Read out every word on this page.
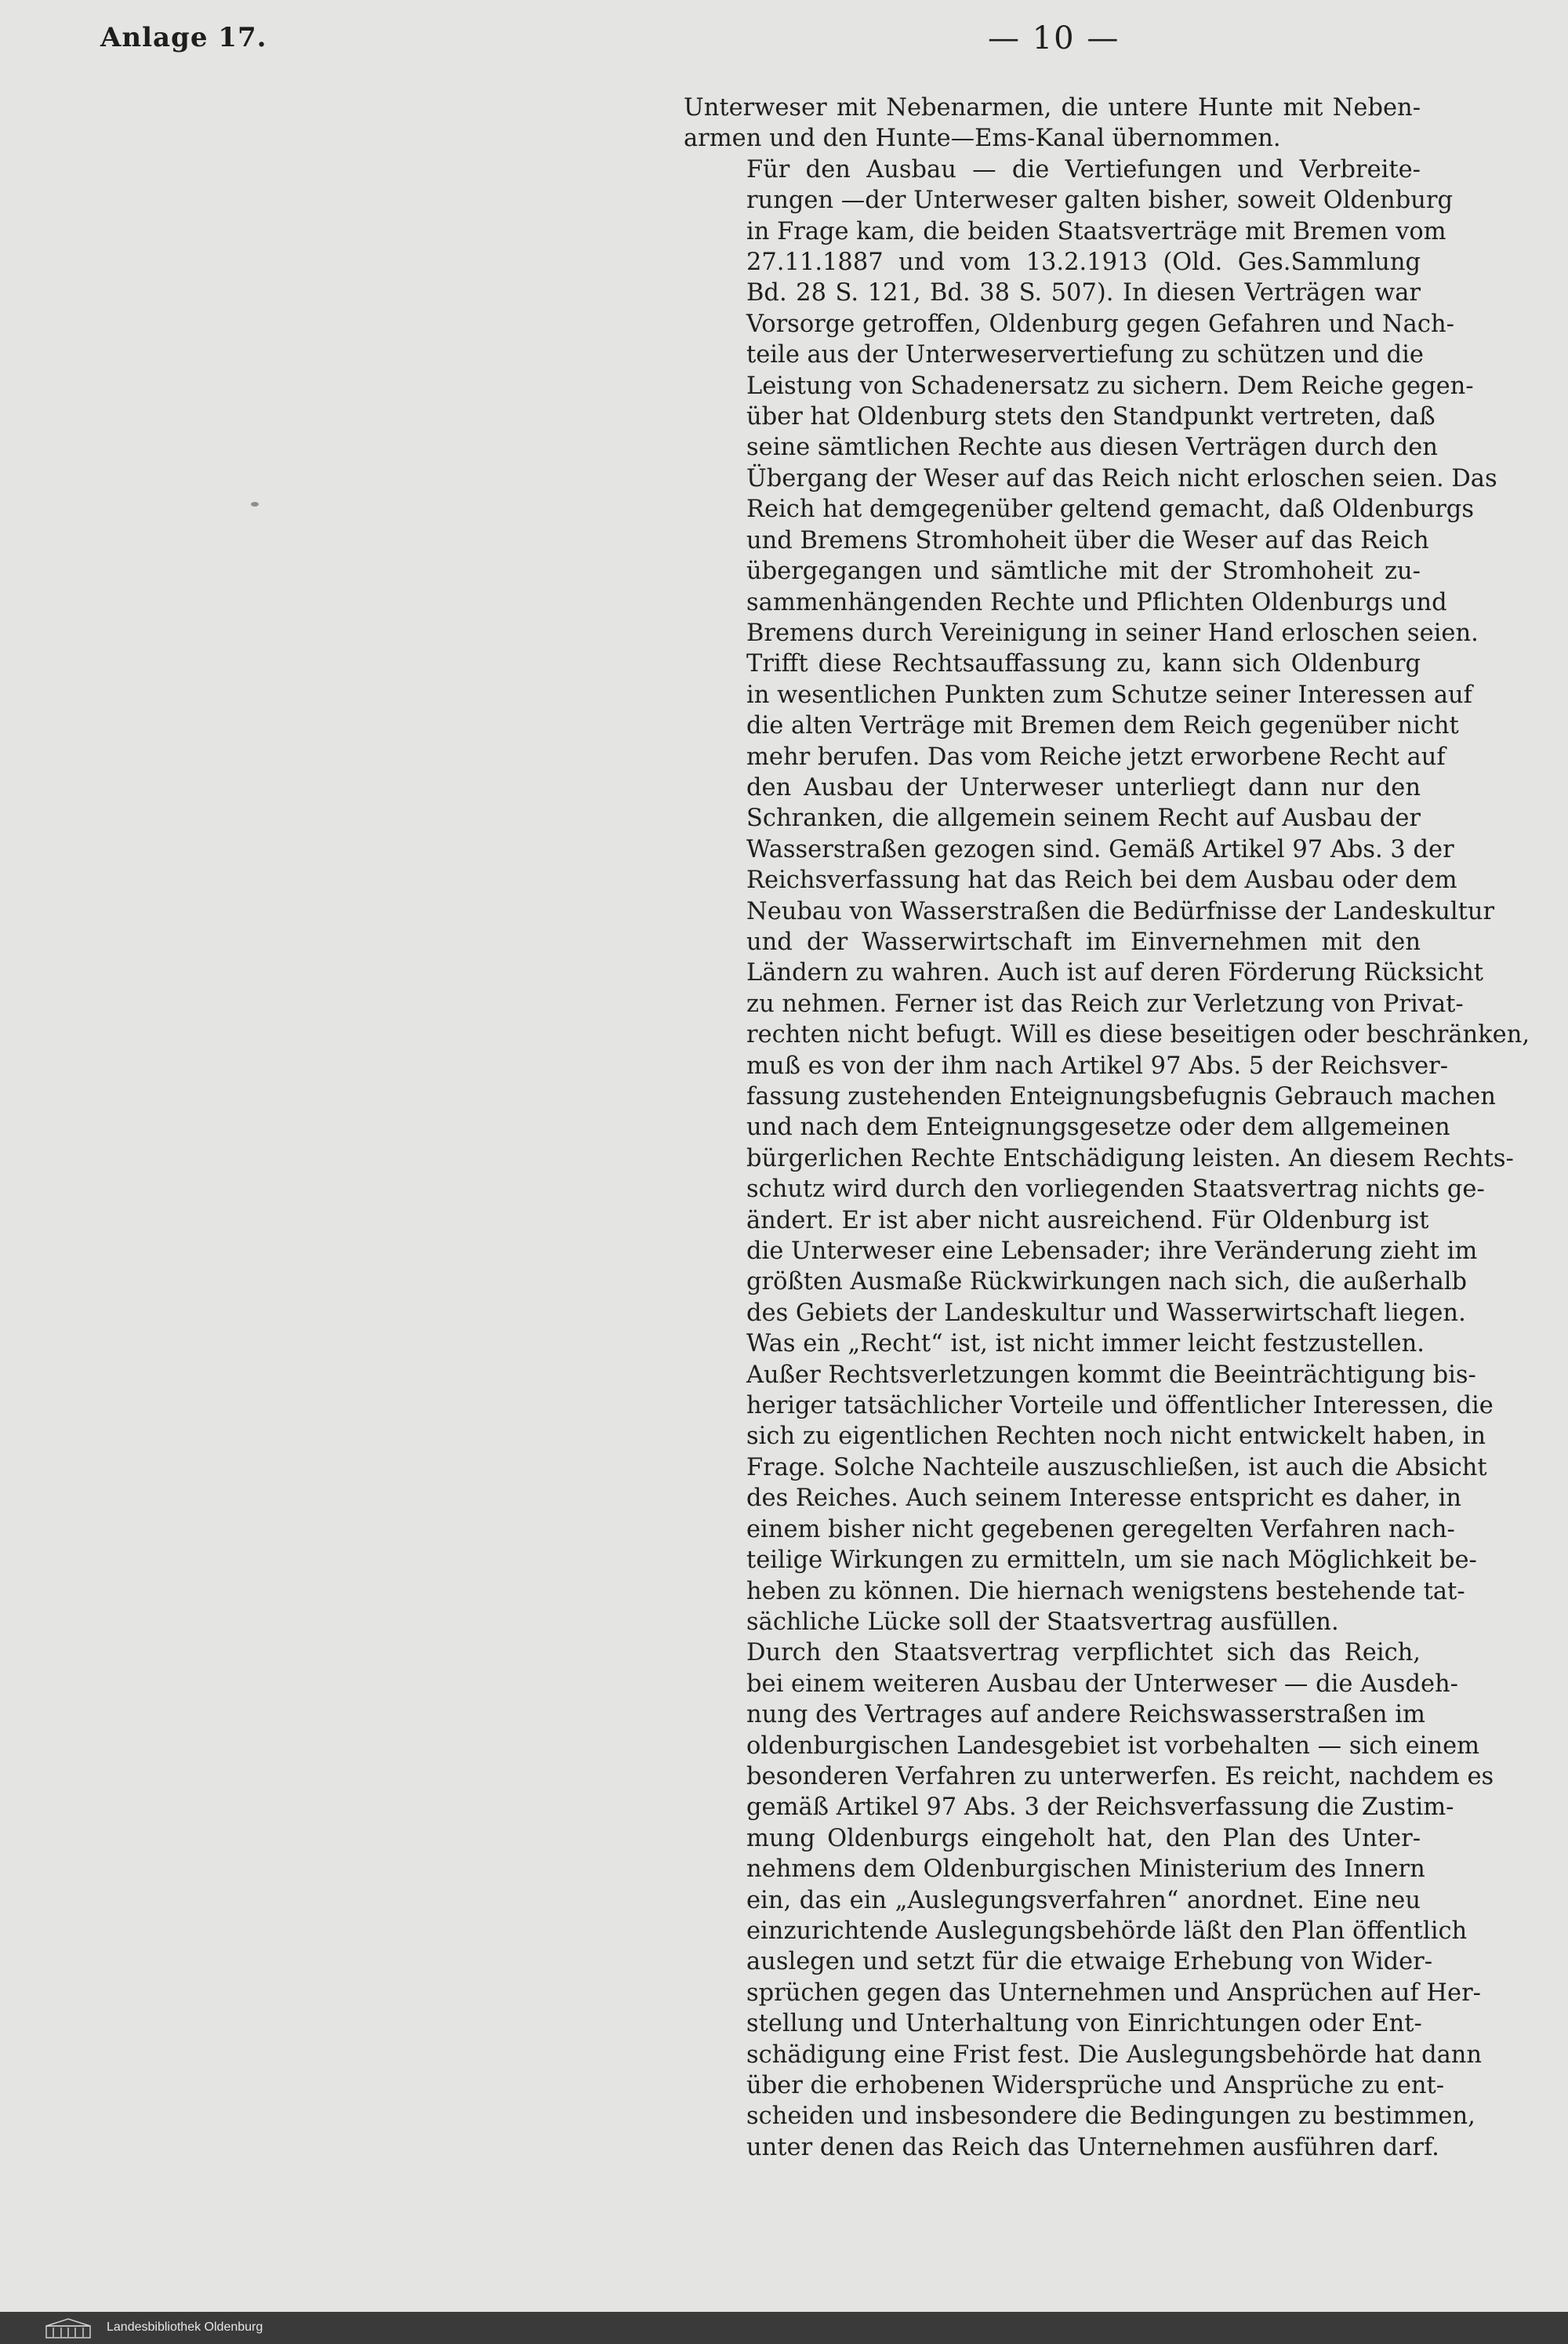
Anlage 17.	— 10 —
Unterweser mit Nebenarmen, die untere Hunte mit Neben-
armen und den Hunte—Ems-Kanal übernommen.
Für den Ausbau — die Vertiefungen und Verbreite-
rungen —der Unterweser galten bisher, soweit Oldenburg
in Frage kam, die beiden Staatsverträge mit Bremen vom
27.11.1887 und vom 13.2.1913 (Old. Ges.Sammlung
Bd. 28 S. 121, Bd. 38 S. 507). In diesen Verträgen war
Vorsorge getroffen, Oldenburg gegen Gefahren und Nach-
teile aus der Unterweservertiefung zu schützen und die
Leistung von Schadenersatz zu sichern. Dem Reiche gegen-
über hat Oldenburg stets den Standpunkt vertreten, daß
seine sämtlichen Rechte aus diesen Verträgen durch den
Übergang der Weser auf das Reich nicht erloschen seien. Das
Reich hat demgegenüber geltend gemacht, daß Oldenburgs
und Bremens Stromhoheit über die Weser auf das Reich
übergegangen und sämtliche mit der Stromhoheit zu-
sammenhängenden Rechte und Pflichten Oldenburgs und
Bremens durch Vereinigung in seiner Hand erloschen seien.
Trifft diese Rechtsauffassung zu, kann sich Oldenburg
in wesentlichen Punkten zum Schutze seiner Interessen auf
die alten Verträge mit Bremen dem Reich gegenüber nicht
mehr berufen. Das vom Reiche jetzt erworbene Recht auf
den Ausbau der Unterweser unterliegt dann nur den
Schranken, die allgemein seinem Recht auf Ausbau der
Wasserstraßen gezogen sind. Gemäß Artikel 97 Abs. 3 der
Reichsverfassung hat das Reich bei dem Ausbau oder dem
Neubau von Wasserstraßen die Bedürfnisse der Landeskultur
und der Wasserwirtschaft im Einvernehmen mit den
Ländern zu wahren. Auch ist auf deren Förderung Rücksicht
zu nehmen. Ferner ist das Reich zur Verletzung von Privat-
rechten nicht befugt. Will es diese beseitigen oder beschränken,
muß es von der ihm nach Artikel 97 Abs. 5 der Reichsver-
fassung zustehenden Enteignungsbefugnis Gebrauch machen
und nach dem Enteignungsgesetze oder dem allgemeinen
bürgerlichen Rechte Entschädigung leisten. An diesem Rechts-
schutz wird durch den vorliegenden Staatsvertrag nichts ge-
ändert. Er ist aber nicht ausreichend. Für Oldenburg ist
die Unterweser eine Lebensader; ihre Veränderung zieht im
größten Ausmaße Rückwirkungen nach sich, die außerhalb
des Gebiets der Landeskultur und Wasserwirtschaft liegen.
Was ein „Recht“ ist, ist nicht immer leicht festzustellen.
Außer Rechtsverletzungen kommt die Beeinträchtigung bis-
heriger tatsächlicher Vorteile und öffentlicher Interessen, die
sich zu eigentlichen Rechten noch nicht entwickelt haben, in
Frage. Solche Nachteile auszuschließen, ist auch die Absicht
des Reiches. Auch seinem Interesse entspricht es daher, in
einem bisher nicht gegebenen geregelten Verfahren nach-
teilige Wirkungen zu ermitteln, um sie nach Möglichkeit be-
heben zu können. Die hiernach wenigstens bestehende tat-
sächliche Lücke soll der Staatsvertrag ausfüllen.
Durch den Staatsvertrag verpflichtet sich das Reich,
bei einem weiteren Ausbau der Unterweser — die Ausdeh-
nung des Vertrages auf andere Reichswasserstraßen im
oldenburgischen Landesgebiet ist vorbehalten — sich einem
besonderen Verfahren zu unterwerfen. Es reicht, nachdem es
gemäß Artikel 97 Abs. 3 der Reichsverfassung die Zustim-
mung Oldenburgs eingeholt hat, den Plan des Unter-
nehmens dem Oldenburgischen Ministerium des Innern
ein, das ein „Auslegungsverfahren“ anordnet. Eine neu
einzurichtende Auslegungsbehörde läßt den Plan öffentlich
auslegen und setzt für die etwaige Erhebung von Wider-
sprüchen gegen das Unternehmen und Ansprüchen auf Her-
stellung und Unterhaltung von Einrichtungen oder Ent-
schädigung eine Frist fest. Die Auslegungsbehörde hat dann
über die erhobenen Widersprüche und Ansprüche zu ent-
scheiden und insbesondere die Bedingungen zu bestimmen,
unter denen das Reich das Unternehmen ausführen darf.
Landesbibliothek Oldenburg
